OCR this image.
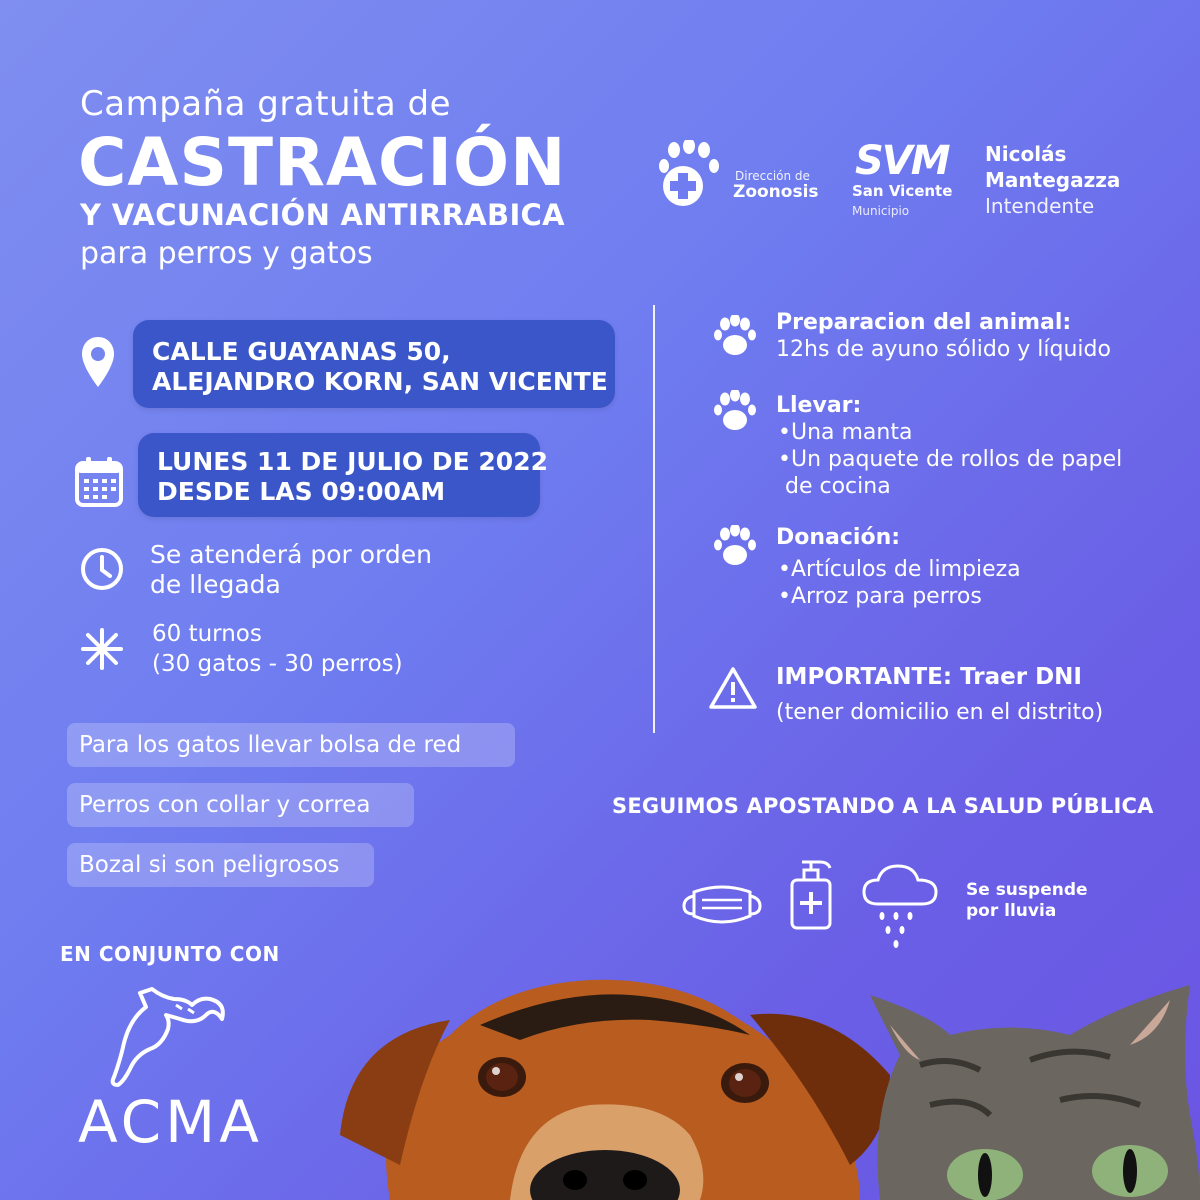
Campaña gratuita de
CASTRACIÓN
Y VACUNACIÓN ANTIRRABICA
para perros y gatos
Dirección de
Zoonosis
SVM
San Vicente
Municipio
Nicolás
Mantegazza
Intendente
CALLE GUAYANAS 50,
ALEJANDRO KORN, SAN VICENTE
LUNES 11 DE JULIO DE 2022
DESDE LAS 09:00AM
Se atenderá por orden
de llegada
60 turnos
(30 gatos - 30 perros)
Para los gatos llevar bolsa de red
Perros con collar y correa
Bozal si son peligrosos
Preparacion del animal:
12hs de ayuno sólido y líquido
Llevar:
•Una manta
•Un paquete de rollos de papel
de cocina
Donación:
•Artículos de limpieza
•Arroz para perros
IMPORTANTE: Traer DNI
(tener domicilio en el distrito)
SEGUIMOS APOSTANDO A LA SALUD PÚBLICA
Se suspende
por lluvia
EN CONJUNTO CON
ACMA
